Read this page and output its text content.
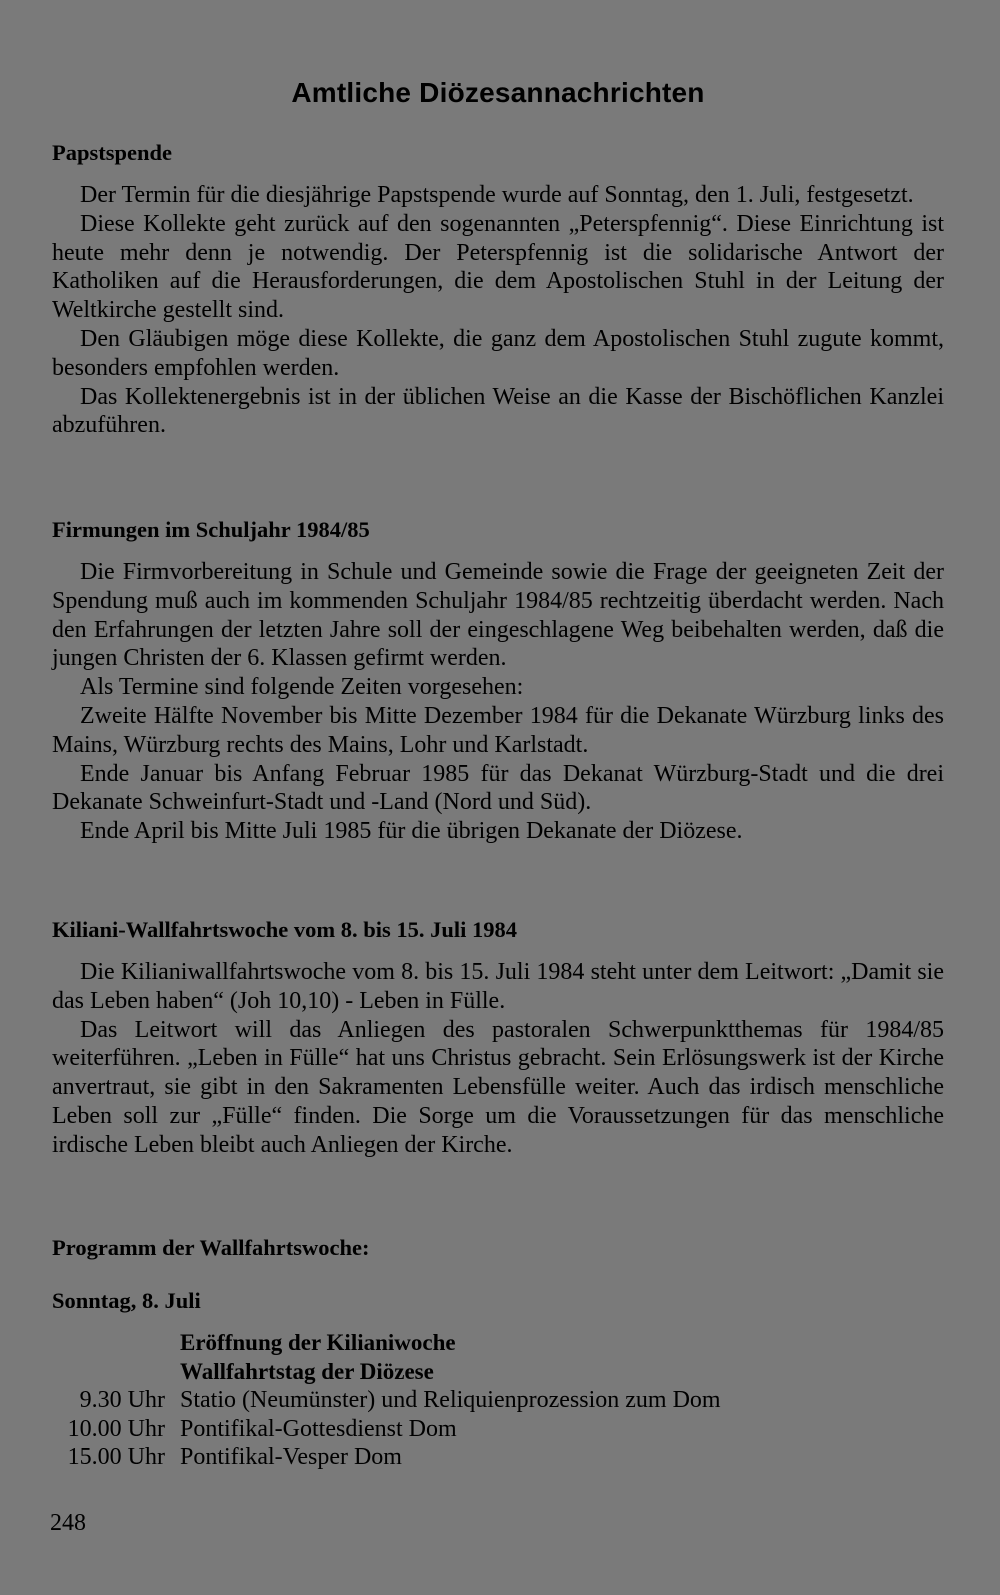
Amtliche Diözesannachrichten

Papstspende

Der Termin für die diesjährige Papstspende wurde auf Sonntag, den 1. Juli, festgesetzt.

Diese Kollekte geht zurück auf den sogenannten „Peterspfennig“. Diese Einrichtung ist heute mehr denn je notwendig. Der Peterspfennig ist die solidarische Antwort der Katholiken auf die Herausforderungen, die dem Apostolischen Stuhl in der Leitung der Weltkirche gestellt sind.

Den Gläubigen möge diese Kollekte, die ganz dem Apostolischen Stuhl zugute kommt, besonders empfohlen werden.

Das Kollektenergebnis ist in der üblichen Weise an die Kasse der Bischöflichen Kanzlei abzuführen.

Firmungen im Schuljahr 1984/85

Die Firmvorbereitung in Schule und Gemeinde sowie die Frage der geeigneten Zeit der Spendung muß auch im kommenden Schuljahr 1984/85 rechtzeitig überdacht werden. Nach den Erfahrungen der letzten Jahre soll der eingeschlagene Weg beibehalten werden, daß die jungen Christen der 6. Klassen gefirmt werden.

Als Termine sind folgende Zeiten vorgesehen:

Zweite Hälfte November bis Mitte Dezember 1984 für die Dekanate Würzburg links des Mains, Würzburg rechts des Mains, Lohr und Karlstadt.

Ende Januar bis Anfang Februar 1985 für das Dekanat Würzburg-Stadt und die drei Dekanate Schweinfurt-Stadt und -Land (Nord und Süd).

Ende April bis Mitte Juli 1985 für die übrigen Dekanate der Diözese.

Kiliani-Wallfahrtswoche vom 8. bis 15. Juli 1984

Die Kilianiwallfahrtswoche vom 8. bis 15. Juli 1984 steht unter dem Leitwort: „Damit sie das Leben haben“ (Joh 10,10) - Leben in Fülle.

Das Leitwort will das Anliegen des pastoralen Schwerpunktthemas für 1984/85 weiterführen. „Leben in Fülle“ hat uns Christus gebracht. Sein Erlösungswerk ist der Kirche anvertraut, sie gibt in den Sakramenten Lebensfülle weiter. Auch das irdisch menschliche Leben soll zur „Fülle“ finden. Die Sorge um die Voraussetzungen für das menschliche irdische Leben bleibt auch Anliegen der Kirche.

Programm der Wallfahrtswoche:

Sonntag, 8. Juli

Eröffnung der Kilianiwoche
Wallfahrtstag der Diözese
9.30 Uhr Statio (Neumünster) und Reliquienprozession zum Dom
10.00 Uhr Pontifikal-Gottesdienst Dom
15.00 Uhr Pontifikal-Vesper Dom
248
